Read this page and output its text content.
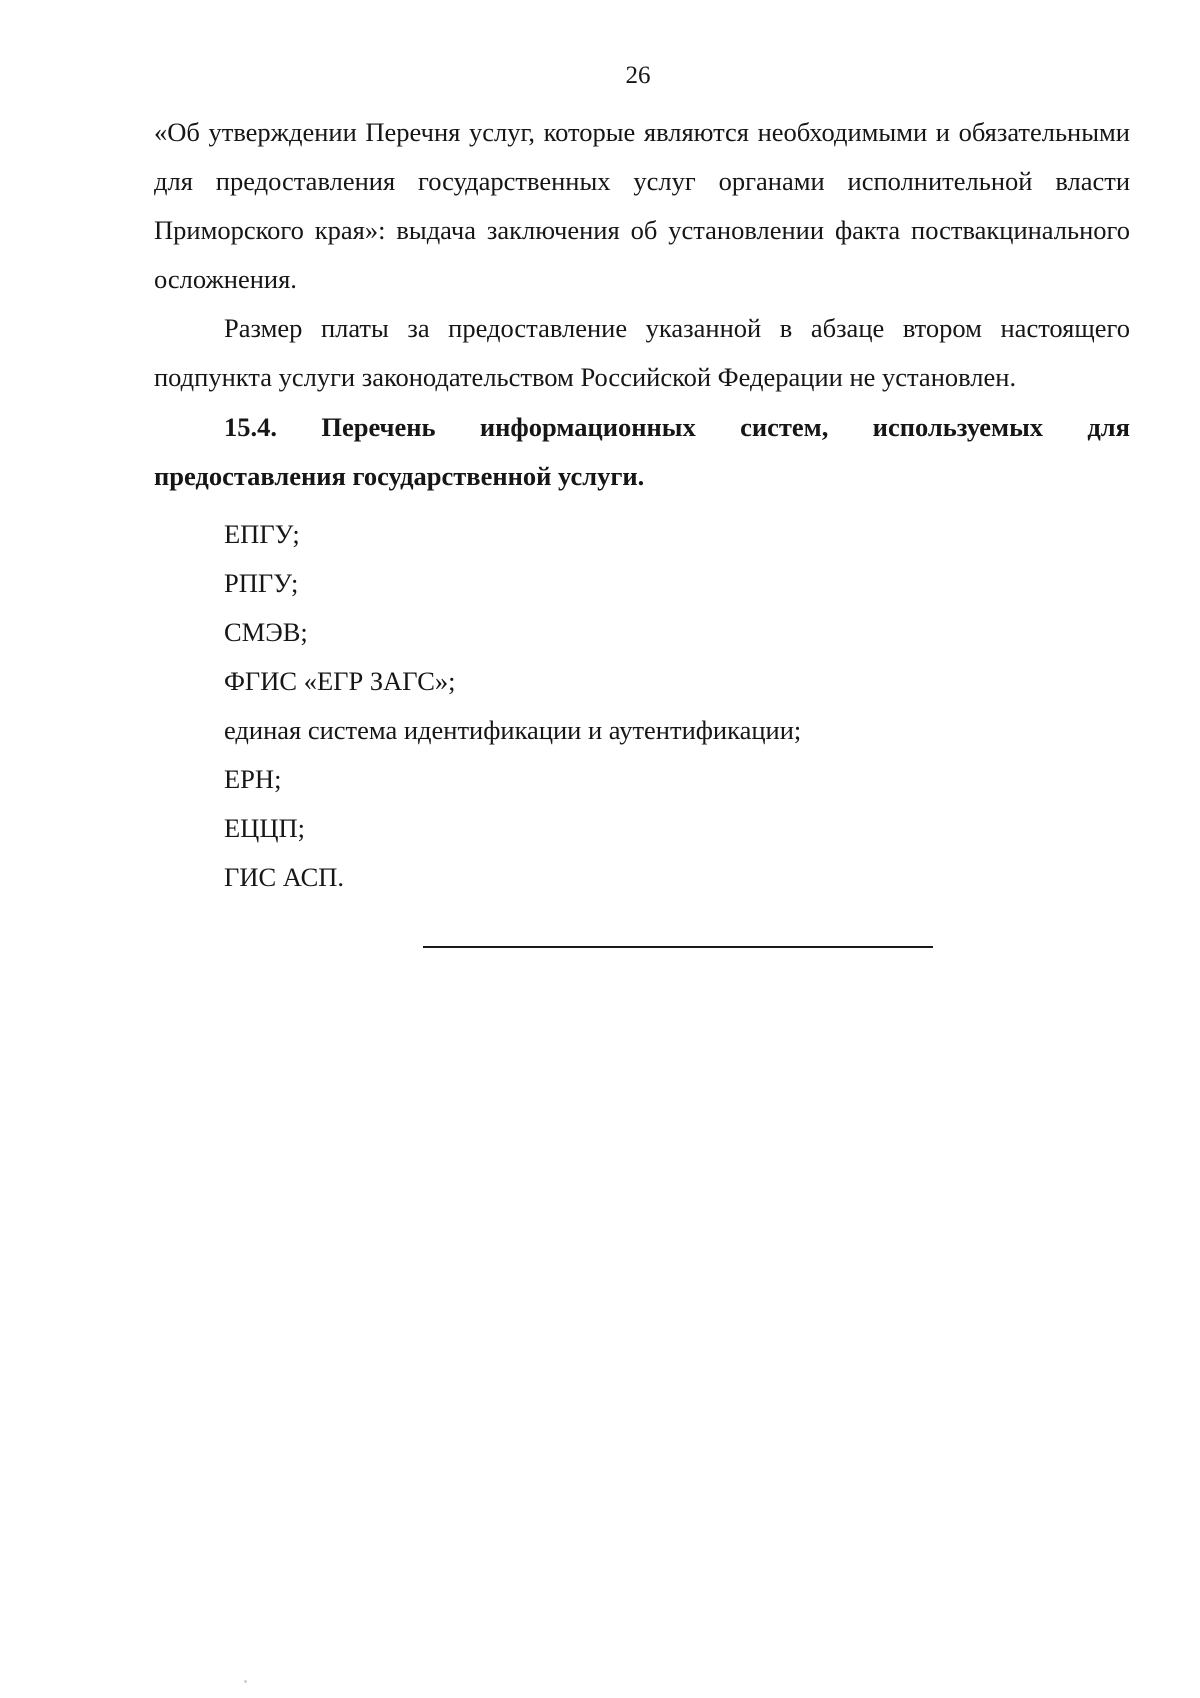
26

«Об утверждении Перечня услуг, которые являются необходимыми и обязательными для предоставления государственных услуг органами исполнительной власти Приморского края»: выдача заключения об установлении факта поствакцинального осложнения.

Размер платы за предоставление указанной в абзаце втором настоящего подпункта услуги законодательством Российской Федерации не установлен.

15.4. Перечень информационных систем, используемых для предоставления государственной услуги.

ЕПГУ;
РПГУ;
СМЭВ;
ФГИС «ЕГР ЗАГС»;
единая система идентификации и аутентификации;
ЕРН;
ЕЦЦП;
ГИС АСП.
